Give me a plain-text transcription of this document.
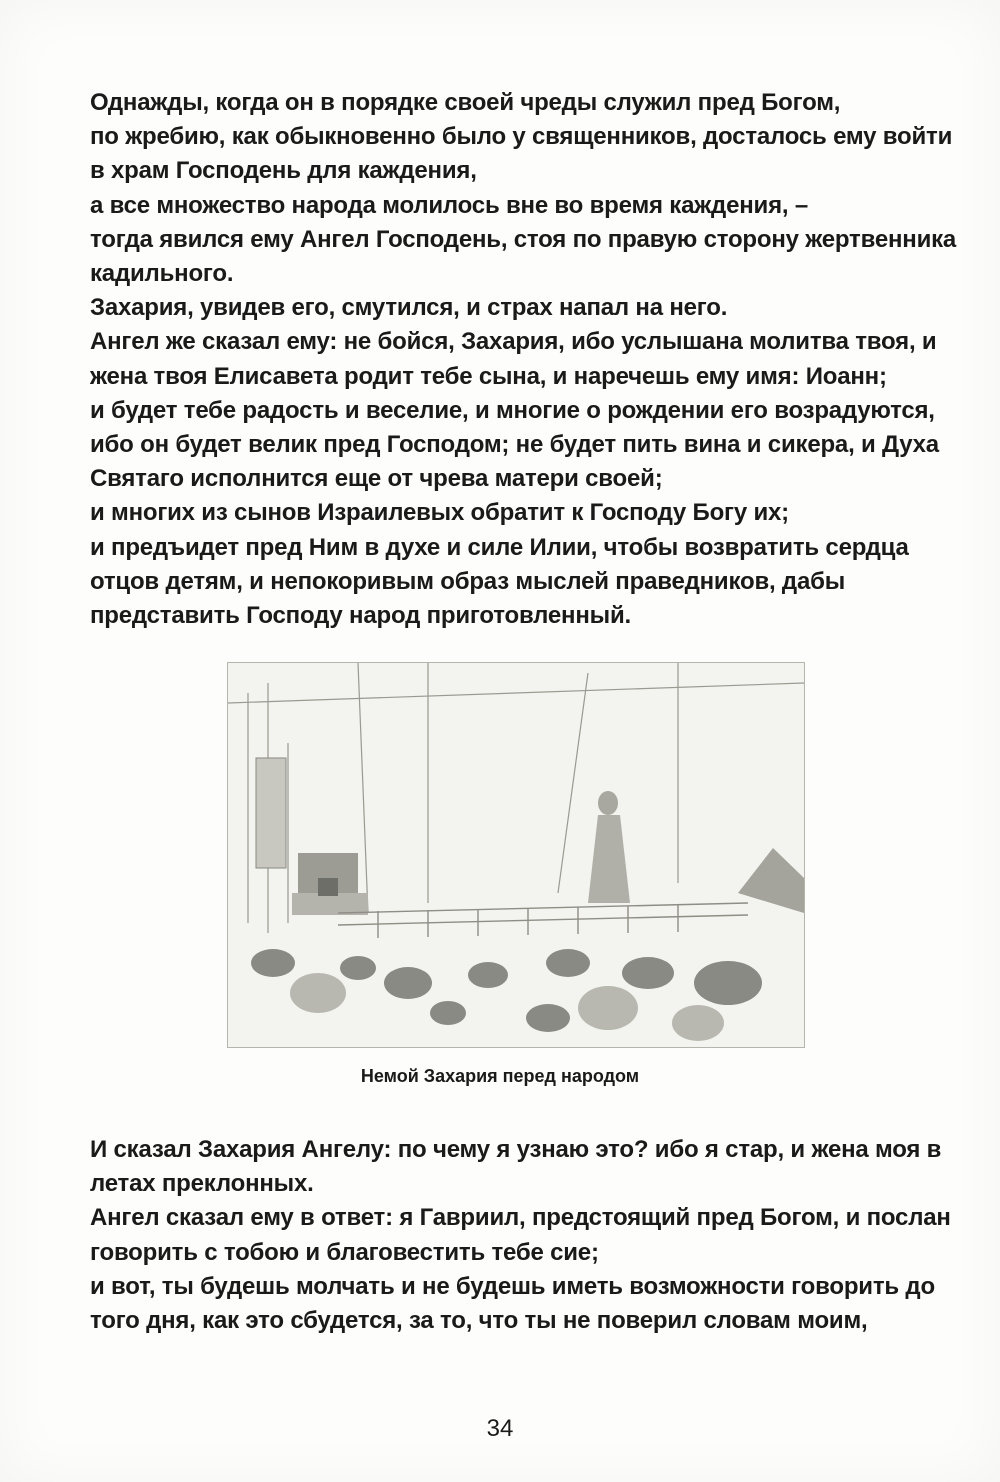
Однажды, когда он в порядке своей чреды служил пред Богом,
по жребию, как обыкновенно было у священников, досталось ему войти
в храм Господень для каждения,
а все множество народа молилось вне во время каждения, –
тогда явился ему Ангел Господень, стоя по правую сторону жертвенника
кадильного.
Захария, увидев его, смутился, и страх напал на него.
Ангел же сказал ему: не бойся, Захария, ибо услышана молитва твоя, и
жена твоя Елисавета родит тебе сына, и наречешь ему имя: Иоанн;
и будет тебе радость и веселие, и многие о рождении его возрадуются,
ибо он будет велик пред Господом; не будет пить вина и сикера, и Духа
Святаго исполнится еще от чрева матери своей;
и многих из сынов Израилевых обратит к Господу Богу их;
и предъидет пред Ним в духе и силе Илии, чтобы возвратить сердца
отцов детям, и непокоривым образ мыслей праведников, дабы
представить Господу народ приготовленный.
Немой Захария перед народом
И сказал Захария Ангелу: по чему я узнаю это? ибо я стар, и жена моя в
летах преклонных.
Ангел сказал ему в ответ: я Гавриил, предстоящий пред Богом, и послан
говорить с тобою и благовестить тебе сие;
и вот, ты будешь молчать и не будешь иметь возможности говорить до
того дня, как это сбудется, за то, что ты не поверил словам моим,
34
